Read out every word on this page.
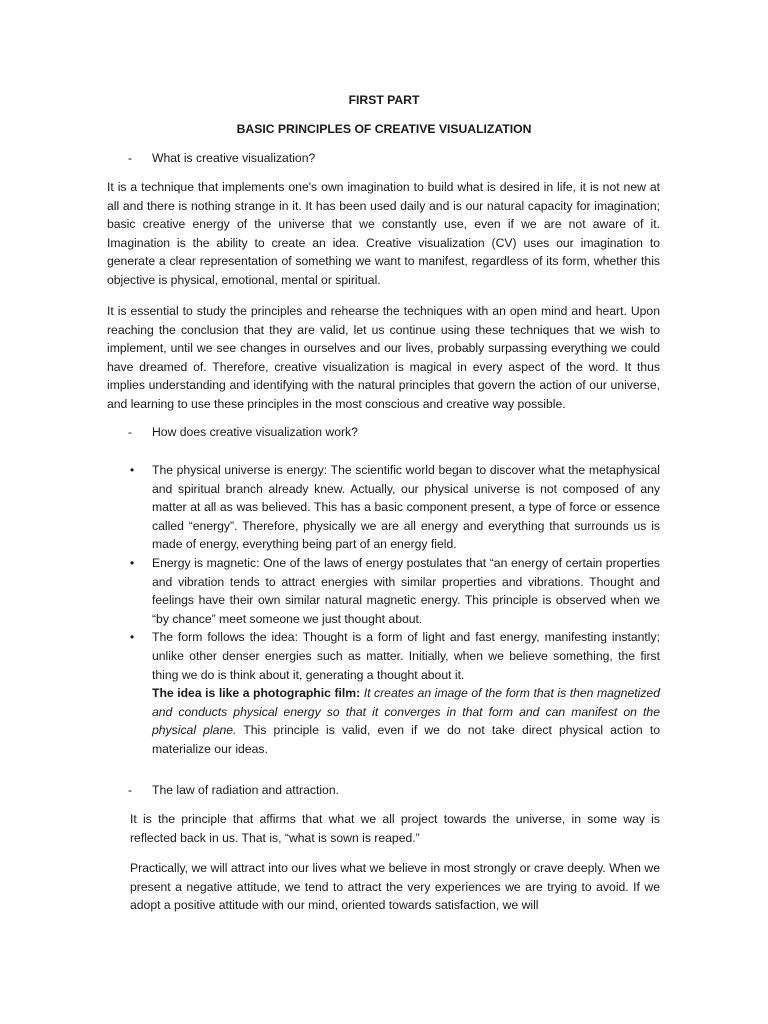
FIRST PART
BASIC PRINCIPLES OF CREATIVE VISUALIZATION
- What is creative visualization?

It is a technique that implements one's own imagination to build what is desired in life, it is not new at all and there is nothing strange in it. It has been used daily and is our natural capacity for imagination; basic creative energy of the universe that we constantly use, even if we are not aware of it. Imagination is the ability to create an idea. Creative visualization (CV) uses our imagination to generate a clear representation of something we want to manifest, regardless of its form, whether this objective is physical, emotional, mental or spiritual.

It is essential to study the principles and rehearse the techniques with an open mind and heart. Upon reaching the conclusion that they are valid, let us continue using these techniques that we wish to implement, until we see changes in ourselves and our lives, probably surpassing everything we could have dreamed of. Therefore, creative visualization is magical in every aspect of the word. It thus implies understanding and identifying with the natural principles that govern the action of our universe, and learning to use these principles in the most conscious and creative way possible.

- How does creative visualization work?
• The physical universe is energy: The scientific world began to discover what the metaphysical and spiritual branch already knew. Actually, our physical universe is not composed of any matter at all as was believed. This has a basic component present, a type of force or essence called “energy”. Therefore, physically we are all energy and everything that surrounds us is made of energy, everything being part of an energy field.
• Energy is magnetic: One of the laws of energy postulates that “an energy of certain properties and vibration tends to attract energies with similar properties and vibrations. Thought and feelings have their own similar natural magnetic energy. This principle is observed when we “by chance” meet someone we just thought about.
• The form follows the idea: Thought is a form of light and fast energy, manifesting instantly; unlike other denser energies such as matter. Initially, when we believe something, the first thing we do is think about it, generating a thought about it.
The idea is like a photographic film: It creates an image of the form that is then magnetized and conducts physical energy so that it converges in that form and can manifest on the physical plane. This principle is valid, even if we do not take direct physical action to materialize our ideas.
- The law of radiation and attraction.

It is the principle that affirms that what we all project towards the universe, in some way is reflected back in us. That is, “what is sown is reaped.”

Practically, we will attract into our lives what we believe in most strongly or crave deeply. When we present a negative attitude, we tend to attract the very experiences we are trying to avoid. If we adopt a positive attitude with our mind, oriented towards satisfaction, we will
